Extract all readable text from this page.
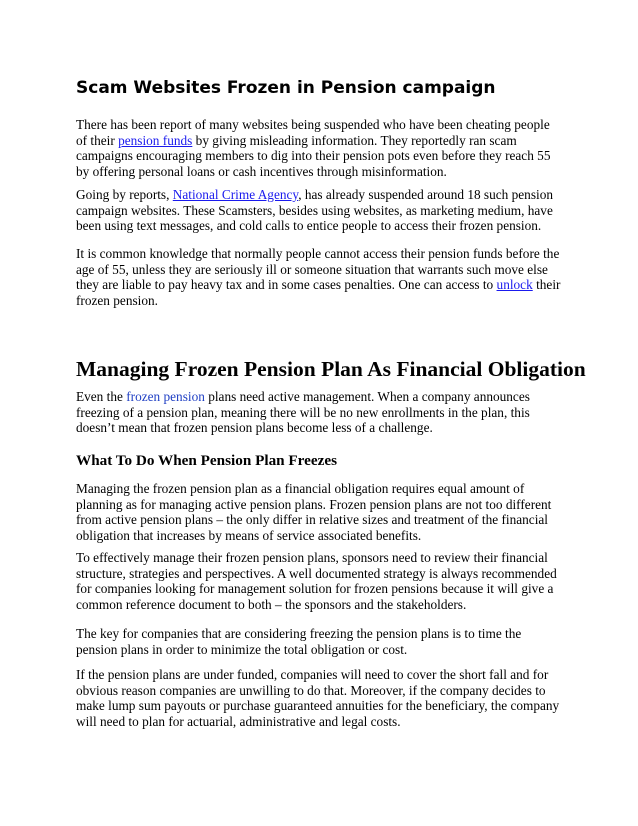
Scam Websites Frozen in Pension campaign

There has been report of many websites being suspended who have been cheating people of their pension funds by giving misleading information. They reportedly ran scam campaigns encouraging members to dig into their pension pots even before they reach 55 by offering personal loans or cash incentives through misinformation.

Going by reports, National Crime Agency, has already suspended around 18 such pension campaign websites. These Scamsters, besides using websites, as marketing medium, have been using text messages, and cold calls to entice people to access their frozen pension.

It is common knowledge that normally people cannot access their pension funds before the age of 55, unless they are seriously ill or someone situation that warrants such move else they are liable to pay heavy tax and in some cases penalties. One can access to unlock their frozen pension.

Managing Frozen Pension Plan As Financial Obligation

Even the frozen pension plans need active management. When a company announces freezing of a pension plan, meaning there will be no new enrollments in the plan, this doesn’t mean that frozen pension plans become less of a challenge.

What To Do When Pension Plan Freezes

Managing the frozen pension plan as a financial obligation requires equal amount of planning as for managing active pension plans. Frozen pension plans are not too different from active pension plans – the only differ in relative sizes and treatment of the financial obligation that increases by means of service associated benefits.

To effectively manage their frozen pension plans, sponsors need to review their financial structure, strategies and perspectives. A well documented strategy is always recommended for companies looking for management solution for frozen pensions because it will give a common reference document to both – the sponsors and the stakeholders.

The key for companies that are considering freezing the pension plans is to time the pension plans in order to minimize the total obligation or cost.

If the pension plans are under funded, companies will need to cover the short fall and for obvious reason companies are unwilling to do that. Moreover, if the company decides to make lump sum payouts or purchase guaranteed annuities for the beneficiary, the company will need to plan for actuarial, administrative and legal costs.
